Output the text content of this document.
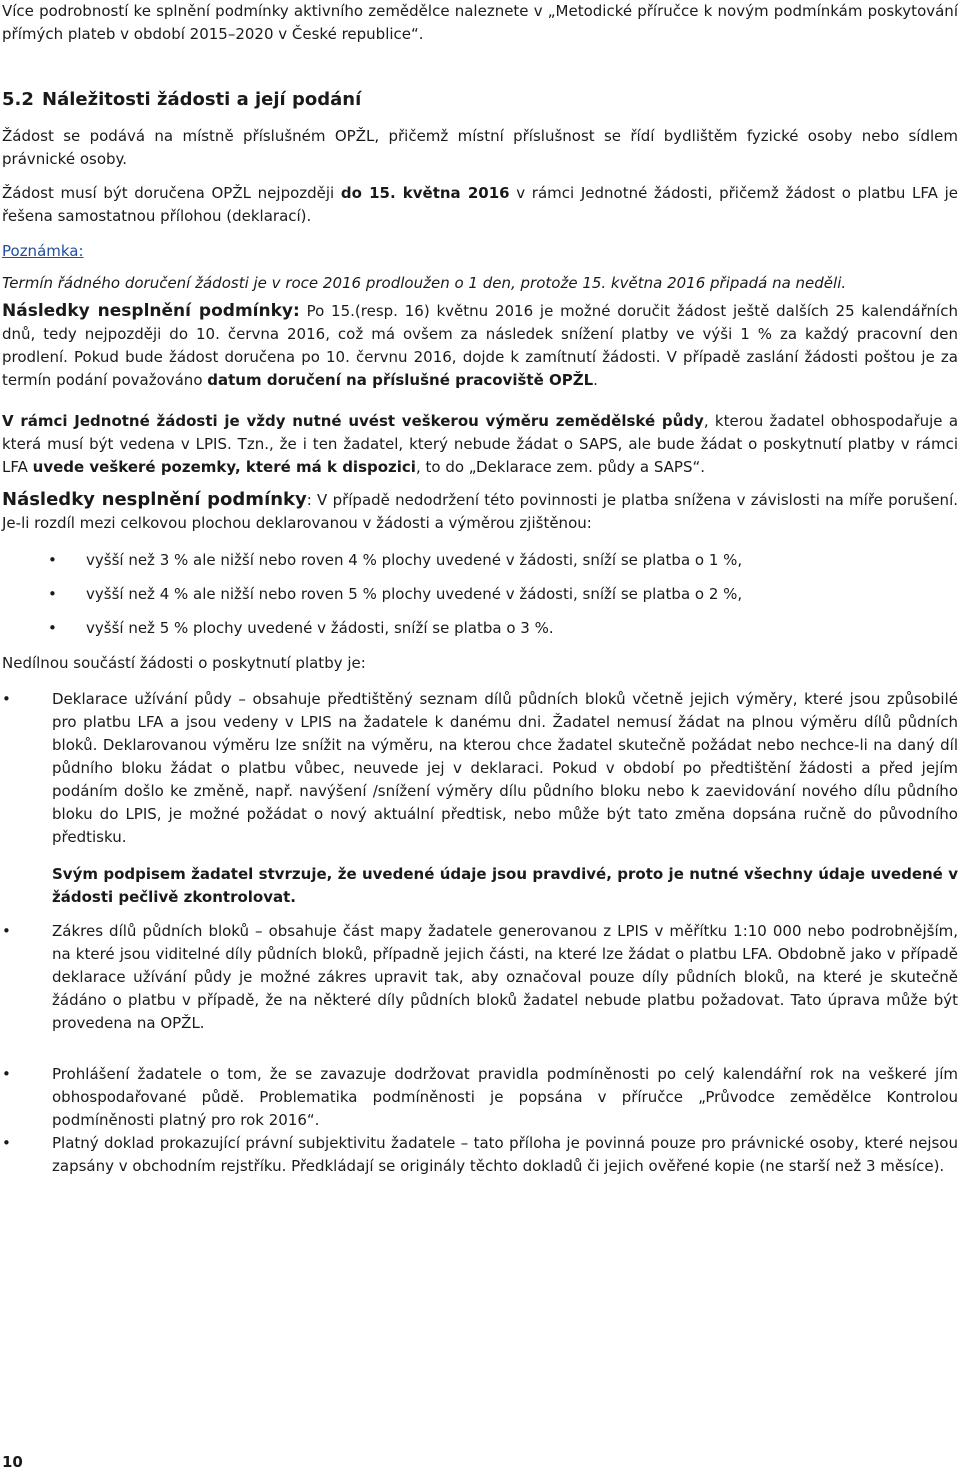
Více podrobností ke splnění podmínky aktivního zemědělce naleznete v „Metodické příručce k novým podmínkám poskytování přímých plateb v období 2015–2020 v České republice“.

5.2 Náležitosti žádosti a její podání

Žádost se podává na místně příslušném OPŽL, přičemž místní příslušnost se řídí bydlištěm fyzické osoby nebo sídlem právnické osoby.

Žádost musí být doručena OPŽL nejpozději do 15. května 2016 v rámci Jednotné žádosti, přičemž žádost o platbu LFA je řešena samostatnou přílohou (deklarací).

Poznámka:

Termín řádného doručení žádosti je v roce 2016 prodloužen o 1 den, protože 15. května 2016 připadá na neděli.

Následky nesplnění podmínky: Po 15.(resp. 16) květnu 2016 je možné doručit žádost ještě dalších 25 kalendářních dnů, tedy nejpozději do 10. června 2016, což má ovšem za následek snížení platby ve výši 1 % za každý pracovní den prodlení. Pokud bude žádost doručena po 10. červnu 2016, dojde k zamítnutí žádosti. V případě zaslání žádosti poštou je za termín podání považováno datum doručení na příslušné pracoviště OPŽL.

V rámci Jednotné žádosti je vždy nutné uvést veškerou výměru zemědělské půdy, kterou žadatel obhospodařuje a která musí být vedena v LPIS. Tzn., že i ten žadatel, který nebude žádat o SAPS, ale bude žádat o poskytnutí platby v rámci LFA uvede veškeré pozemky, které má k dispozici, to do „Deklarace zem. půdy a SAPS“.

Následky nesplnění podmínky: V případě nedodržení této povinnosti je platba snížena v závislosti na míře porušení. Je-li rozdíl mezi celkovou plochou deklarovanou v žádosti a výměrou zjištěnou:

• vyšší než 3 % ale nižší nebo roven 4 % plochy uvedené v žádosti, sníží se platba o 1 %,
• vyšší než 4 % ale nižší nebo roven 5 % plochy uvedené v žádosti, sníží se platba o 2 %,
• vyšší než 5 % plochy uvedené v žádosti, sníží se platba o 3 %.

Nedílnou součástí žádosti o poskytnutí platby je:

•	Deklarace užívání půdy – obsahuje předtištěný seznam dílů půdních bloků včetně jejich výměry, které jsou způsobilé pro platbu LFA a jsou vedeny v LPIS na žadatele k danému dni. Žadatel nemusí žádat na plnou výměru dílů půdních bloků. Deklarovanou výměru lze snížit na výměru, na kterou chce žadatel skutečně požádat nebo nechce-li na daný díl půdního bloku žádat o platbu vůbec, neuvede jej v deklaraci. Pokud v období po předtištění žádosti a před jejím podáním došlo ke změně, např. navýšení /snížení výměry dílu půdního bloku nebo k zaevidování nového dílu půdního bloku do LPIS, je možné požádat o nový aktuální předtisk, nebo může být tato změna dopsána ručně do původního předtisku.
Svým podpisem žadatel stvrzuje, že uvedené údaje jsou pravdivé, proto je nutné všechny údaje uvedené v žádosti pečlivě zkontrolovat.
•	Zákres dílů půdních bloků – obsahuje část mapy žadatele generovanou z LPIS v měřítku 1:10 000 nebo podrobnějším, na které jsou viditelné díly půdních bloků, případně jejich části, na které lze žádat o platbu LFA. Obdobně jako v případě deklarace užívání půdy je možné zákres upravit tak, aby označoval pouze díly půdních bloků, na které je skutečně žádáno o platbu v případě, že na některé díly půdních bloků žadatel nebude platbu požadovat. Tato úprava může být provedena na OPŽL.
•	Prohlášení žadatele o tom, že se zavazuje dodržovat pravidla podmíněnosti po celý kalendářní rok na veškeré jím obhospodařované půdě. Problematika podmíněnosti je popsána v příručce „Průvodce zemědělce Kontrolou podmíněnosti platný pro rok 2016“.
•	Platný doklad prokazující právní subjektivitu žadatele – tato příloha je povinná pouze pro právnické osoby, které nejsou zapsány v obchodním rejstříku. Předkládají se originály těchto dokladů či jejich ověřené kopie (ne starší než 3 měsíce).
10
